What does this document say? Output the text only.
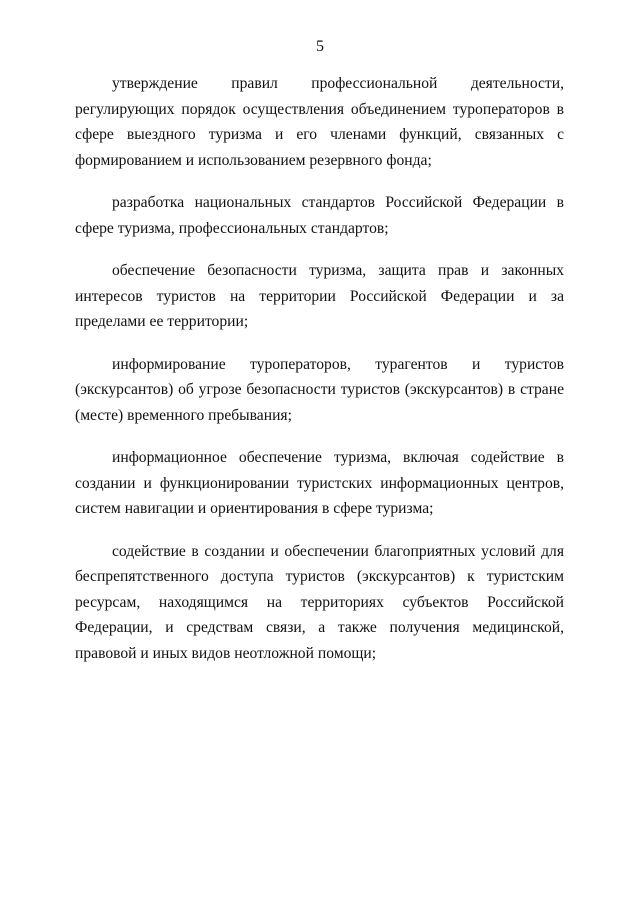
5

утверждение правил профессиональной деятельности, регулирующих порядок осуществления объединением туроператоров в сфере выездного туризма и его членами функций, связанных с формированием и использованием резервного фонда;

разработка национальных стандартов Российской Федерации в сфере туризма, профессиональных стандартов;

обеспечение безопасности туризма, защита прав и законных интересов туристов на территории Российской Федерации и за пределами ее территории;

информирование туроператоров, турагентов и туристов (экскурсантов) об угрозе безопасности туристов (экскурсантов) в стране (месте) временного пребывания;

информационное обеспечение туризма, включая содействие в создании и функционировании туристских информационных центров, систем навигации и ориентирования в сфере туризма;

содействие в создании и обеспечении благоприятных условий для беспрепятственного доступа туристов (экскурсантов) к туристским ресурсам, находящимся на территориях субъектов Российской Федерации, и средствам связи, а также получения медицинской, правовой и иных видов неотложной помощи;
